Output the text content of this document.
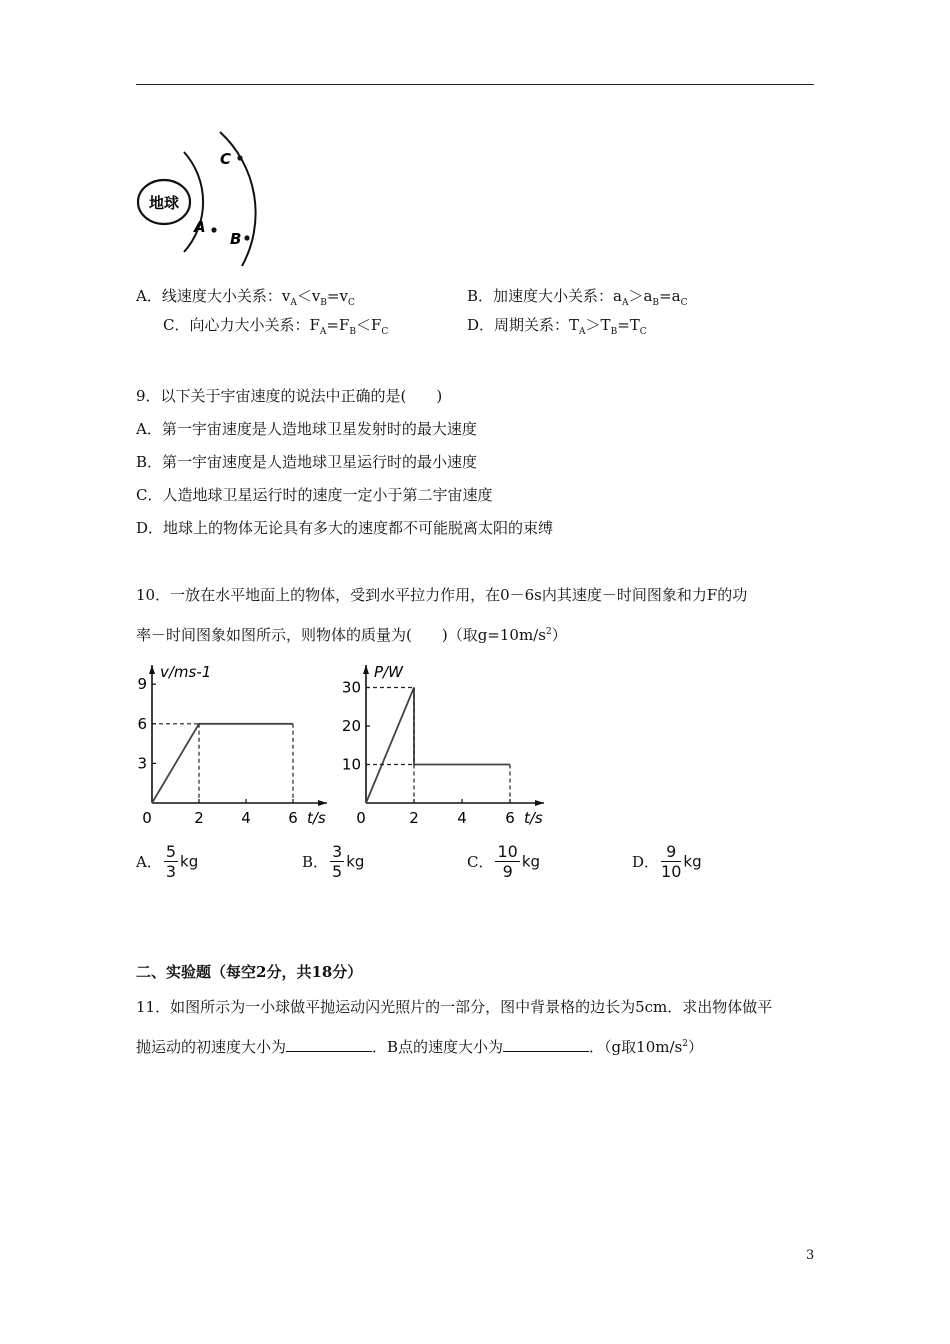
地球
A
B
C
A．线速度大小关系：$v_A<v_B=v_C$	B．加速度大小关系：$a_A>a_B=a_C$
C．向心力大小关系：$F_A=F_B<F_C$	D．周期关系：$T_A>T_B=T_C$
9．以下关于宇宙速度的说法中正确的是(　　)
A．第一宇宙速度是人造地球卫星发射时的最大速度
B．第一宇宙速度是人造地球卫星运行时的最小速度
C．人造地球卫星运行时的速度一定小于第二宇宙速度
D．地球上的物体无论具有多大的速度都不可能脱离太阳的束缚
10．一放在水平地面上的物体，受到水平拉力作用，在0－6s内其速度－时间图象和力F的功
率－时间图象如图所示，则物体的质量为(　　)（取$g=10m/s^2$）
0	2 4 6
3
6
9
t/s
v/ms-1
0	2	4	6
10
20
30
t/s
P/W
A． $\frac{5}{3}$ kg	B． $\frac{3}{5}$ kg	C． $\frac{10}{9}$ kg	D． $\frac{9}{10}$ kg
二、实验题（每空2分，共18分）
11．如图所示为一小球做平抛运动闪光照片的一部分，图中背景格的边长为5cm．求出物体做平
抛运动的初速度大小为	．B点的速度大小为	．（g取$10m/s^2$）
3
